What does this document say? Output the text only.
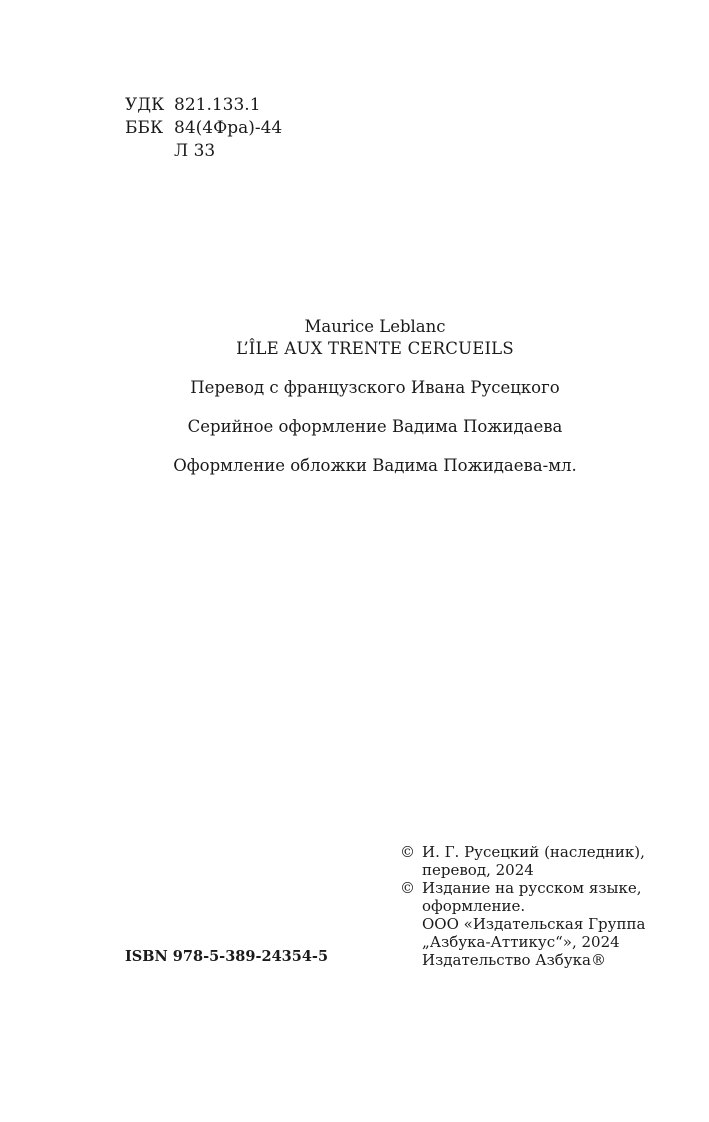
УДК 821.133.1
ББК 84(4Фра)-44
Л 33
Maurice Leblanc
L’ÎLE AUX TRENTE CERCUEILS
Перевод с французского Ивана Русецкого
Серийное оформление Вадима Пожидаева
Оформление обложки Вадима Пожидаева-мл.
© И. Г. Русецкий (наследник),
перевод, 2024
© Издание на русском языке,
оформление.
ООО «Издательская Группа
„Азбука-Аттикус“», 2024
Издательство Азбука®
ISBN 978-5-389-24354-5
